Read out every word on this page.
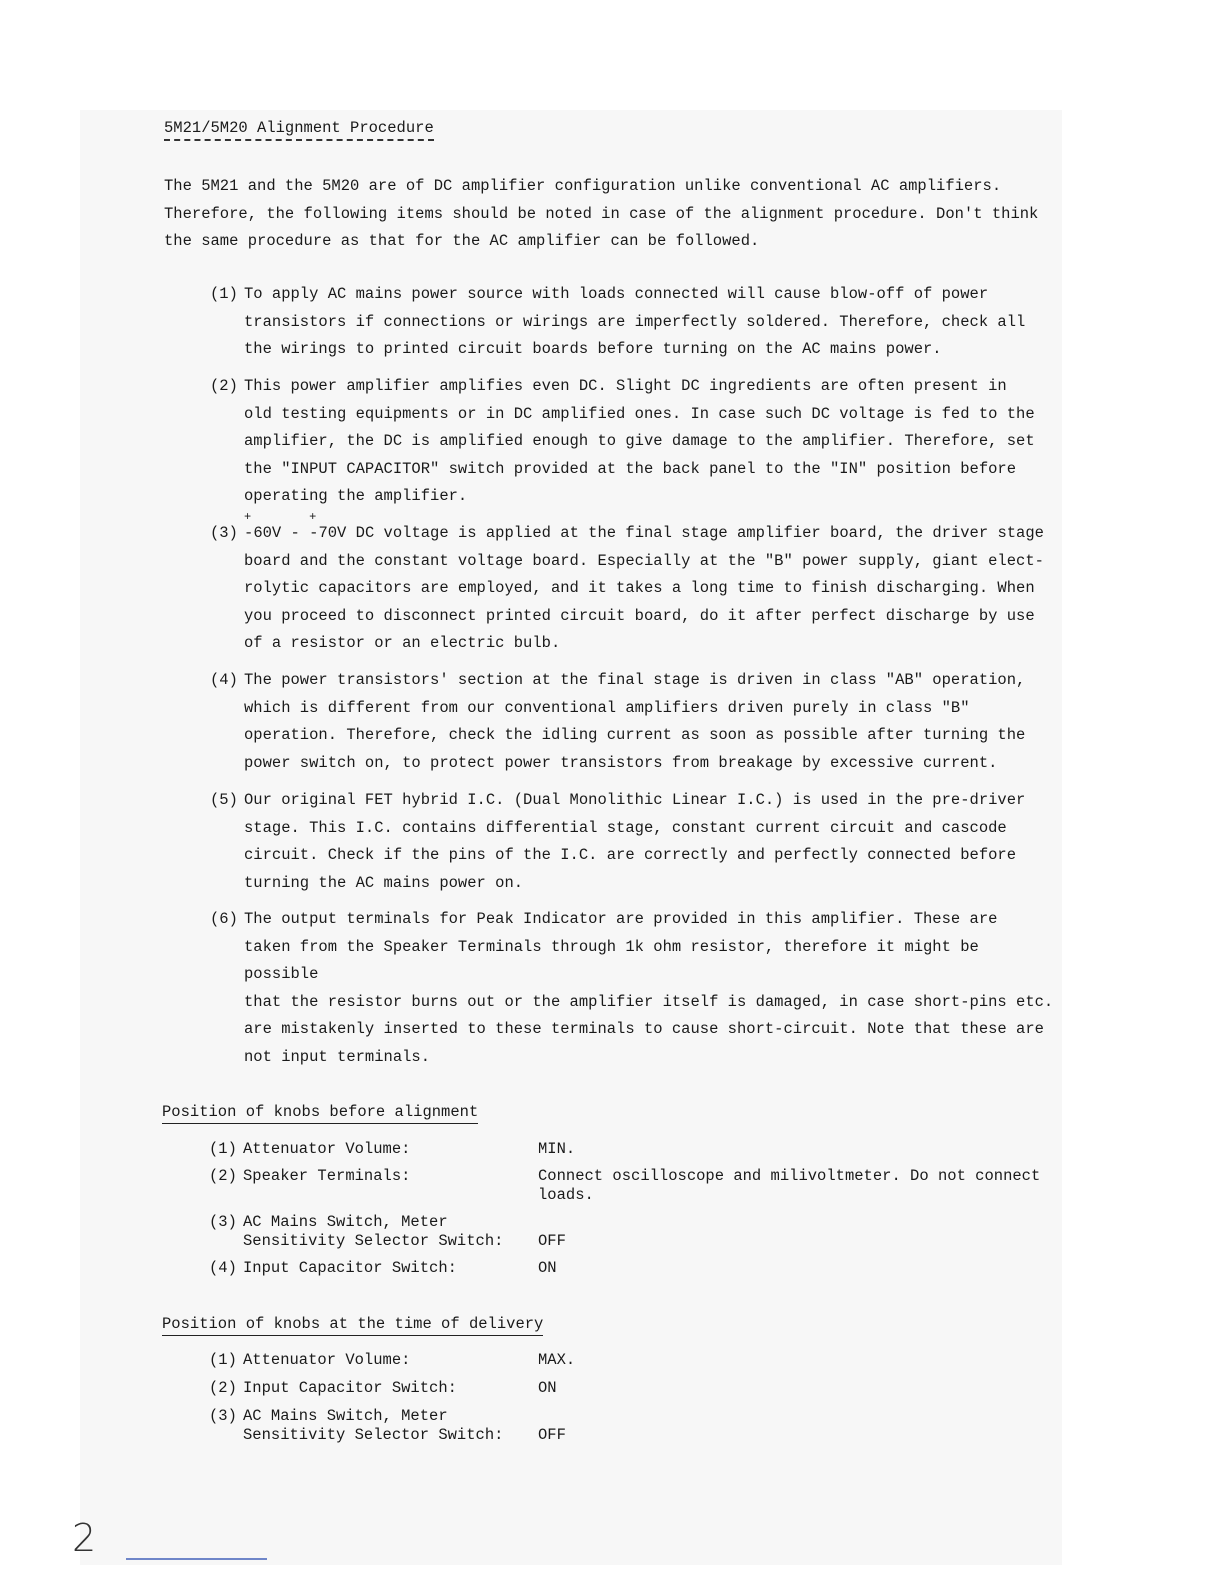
5M21/5M20 Alignment Procedure
The 5M21 and the 5M20 are of DC amplifier configuration unlike conventional AC amplifiers.
Therefore, the following items should be noted in case of the alignment procedure. Don't think
the same procedure as that for the AC amplifier can be followed.
(1) To apply AC mains power source with loads connected will cause blow-off of power
transistors if connections or wirings are imperfectly soldered. Therefore, check all
the wirings to printed circuit boards before turning on the AC mains power.
(2) This power amplifier amplifies even DC. Slight DC ingredients are often present in
old testing equipments or in DC amplified ones. In case such DC voltage is fed to the
amplifier, the DC is amplified enough to give damage to the amplifier. Therefore, set
the "INPUT CAPACITOR" switch provided at the back panel to the "IN" position before
operating the amplifier.
(3)
+
-60V -
+
-70V DC voltage is applied at the final stage amplifier board, the driver stage
board and the constant voltage board. Especially at the "B" power supply, giant elect-
rolytic capacitors are employed, and it takes a long time to finish discharging. When
you proceed to disconnect printed circuit board, do it after perfect discharge by use
of a resistor or an electric bulb.
(4) The power transistors' section at the final stage is driven in class "AB" operation,
which is different from our conventional amplifiers driven purely in class "B"
operation. Therefore, check the idling current as soon as possible after turning the
power switch on, to protect power transistors from breakage by excessive current.
(5) Our original FET hybrid I.C. (Dual Monolithic Linear I.C.) is used in the pre-driver
stage. This I.C. contains differential stage, constant current circuit and cascode
circuit. Check if the pins of the I.C. are correctly and perfectly connected before
turning the AC mains power on.
(6) The output terminals for Peak Indicator are provided in this amplifier. These are
taken from the Speaker Terminals through 1k ohm resistor, therefore it might be possible
that the resistor burns out or the amplifier itself is damaged, in case short-pins etc.
are mistakenly inserted to these terminals to cause short-circuit. Note that these are
not input terminals.
Position of knobs before alignment
(1) Attenuator Volume:	MIN.
(2) Speaker Terminals:	Connect oscilloscope and milivoltmeter. Do not connect
loads.
(3) AC Mains Switch, Meter
Sensitivity Selector Switch:	
OFF
(4) Input Capacitor Switch:	ON
Position of knobs at the time of delivery
(1) Attenuator Volume:	MAX.
(2) Input Capacitor Switch:	ON
(3) AC Mains Switch, Meter
Sensitivity Selector Switch:	
OFF
2
